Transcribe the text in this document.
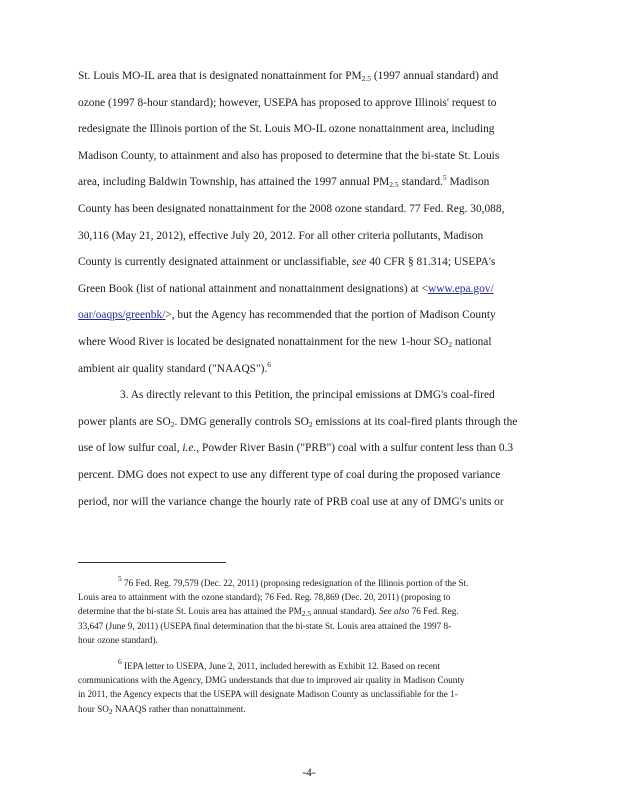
St. Louis MO-IL area that is designated nonattainment for $PM_{2.5}$ (1997 annual standard) and
ozone (1997 8-hour standard); however, USEPA has proposed to approve Illinois' request to
redesignate the Illinois portion of the St. Louis MO-IL ozone nonattainment area, including
Madison County, to attainment and also has proposed to determine that the bi-state St. Louis
area, including Baldwin Township, has attained the 1997 annual $PM_{2.5}$ standard.$^5$ Madison
County has been designated nonattainment for the 2008 ozone standard. 77 Fed. Reg. 30,088,
30,116 (May 21, 2012), effective July 20, 2012. For all other criteria pollutants, Madison
County is currently designated attainment or unclassifiable, see 40 CFR § 81.314; USEPA's
Green Book (list of national attainment and nonattainment designations) at <www.epa.gov/
oar/oaqps/greenbk/>, but the Agency has recommended that the portion of Madison County
where Wood River is located be designated nonattainment for the new 1-hour $SO_2$ national
ambient air quality standard ("NAAQS").$^6$
3. As directly relevant to this Petition, the principal emissions at DMG's coal-fired
power plants are $SO_2$. DMG generally controls $SO_2$ emissions at its coal-fired plants through the
use of low sulfur coal, i.e., Powder River Basin ("PRB") coal with a sulfur content less than 0.3
percent. DMG does not expect to use any different type of coal during the proposed variance
period, nor will the variance change the hourly rate of PRB coal use at any of DMG's units or
$^5$ 76 Fed. Reg. 79,579 (Dec. 22, 2011) (proposing redesignation of the Illinois portion of the St.
Louis area to attainment with the ozone standard); 76 Fed. Reg. 78,869 (Dec. 20, 2011) (proposing to
determine that the bi-state St. Louis area has attained the $PM_{2.5}$ annual standard). See also 76 Fed. Reg.
33,647 (June 9, 2011) (USEPA final determination that the bi-state St. Louis area attained the 1997 8-
hour ozone standard).
$^6$ IEPA letter to USEPA, June 2, 2011, included herewith as Exhibit 12. Based on recent
communications with the Agency, DMG understands that due to improved air quality in Madison County
in 2011, the Agency expects that the USEPA will designate Madison County as unclassifiable for the 1-
hour $SO_2$ NAAQS rather than nonattainment.
-4-
